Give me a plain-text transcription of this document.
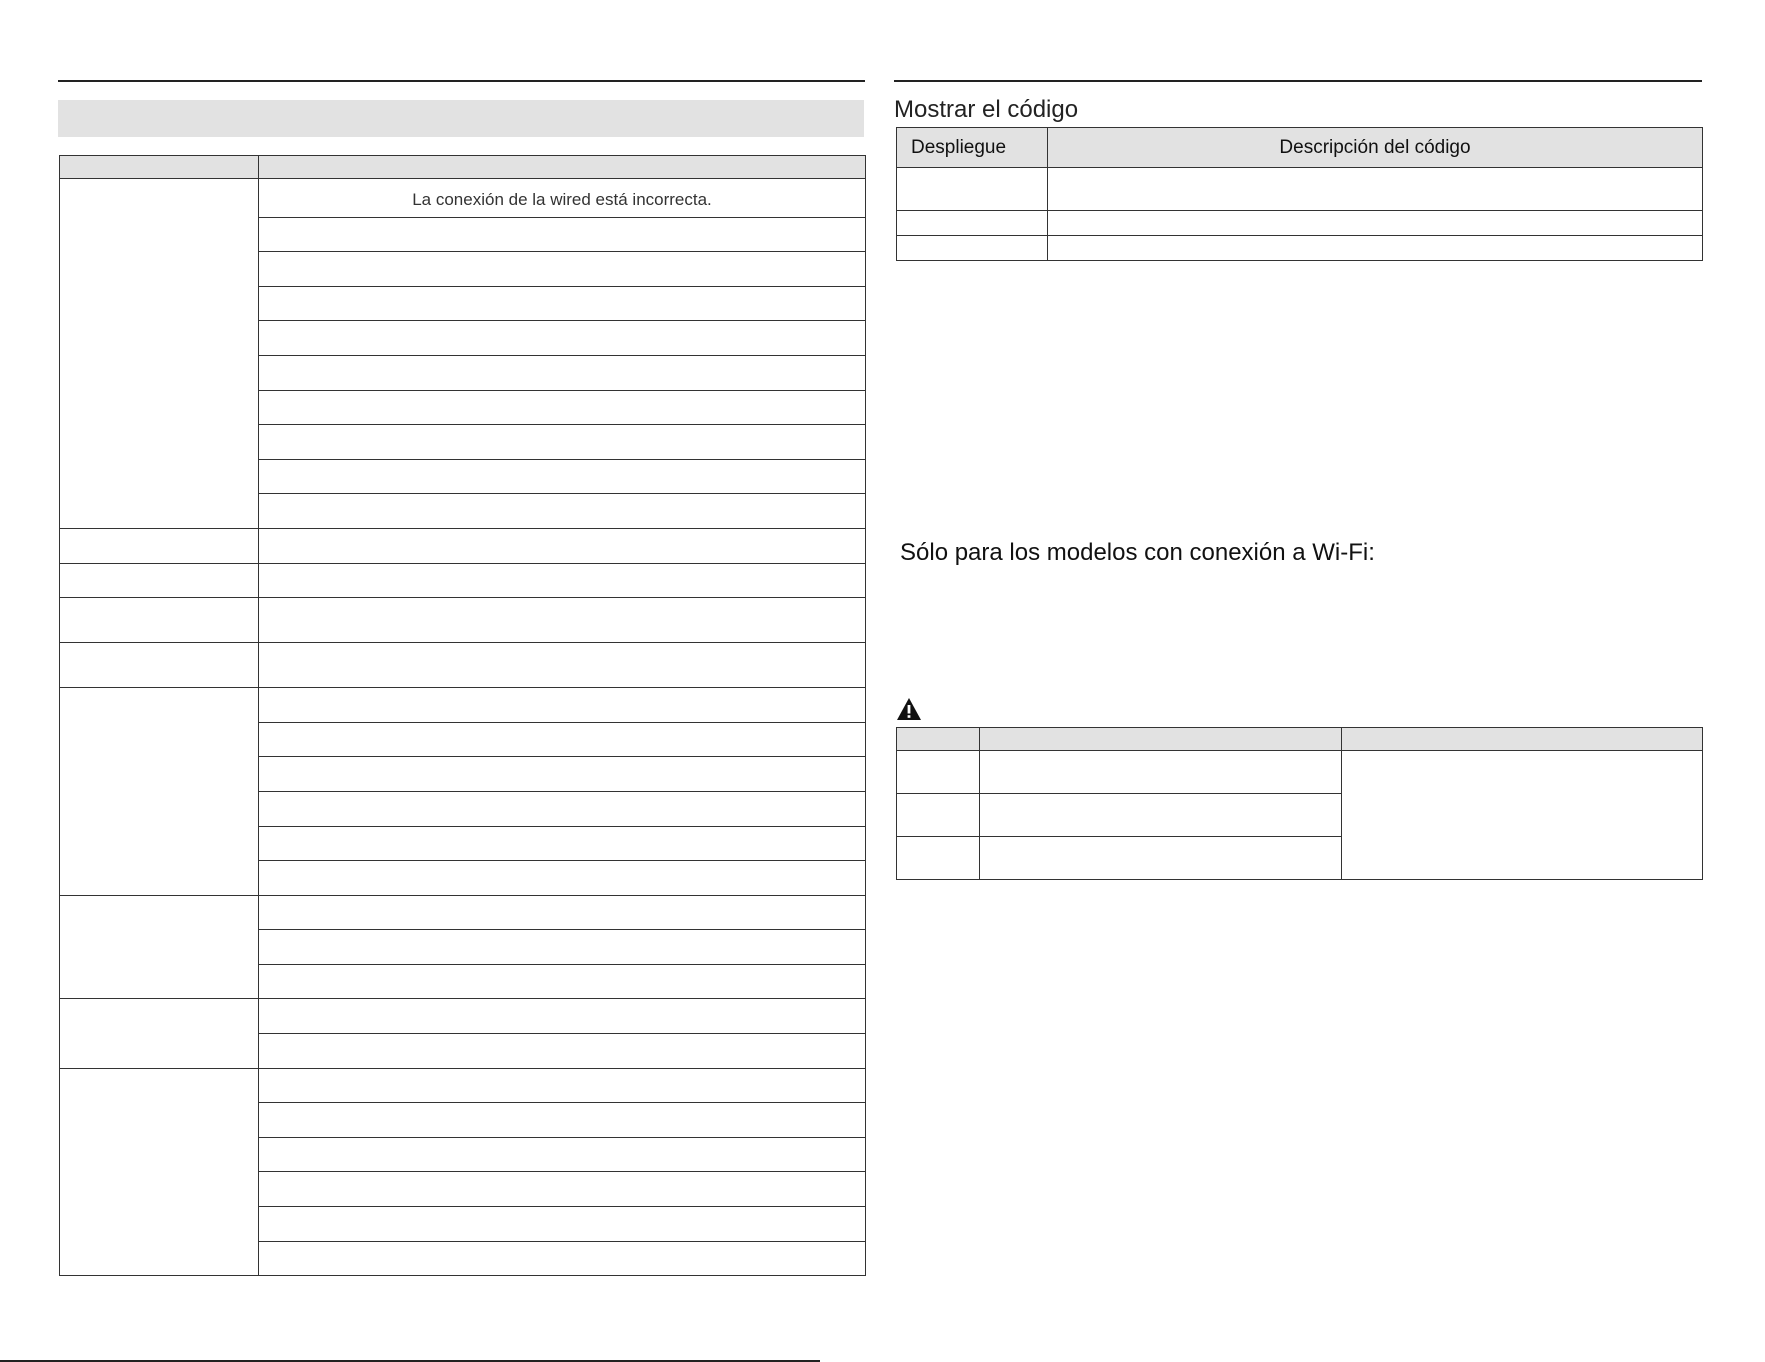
	La conexión de la wired está incorrecta.

Mostrar el código
Despliegue	Descripción del código

Sólo para los modelos con conexión a Wi-Fi:
